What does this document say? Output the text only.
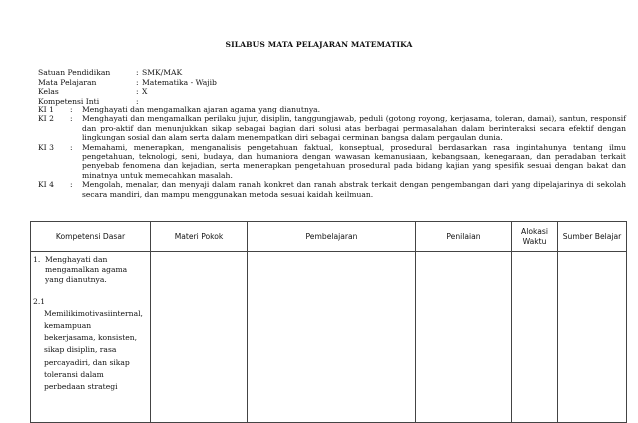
SILABUS MATA PELAJARAN MATEMATIKA
Satuan Pendidikan	: SMK/MAK
Mata Pelajaran	: Matematika - Wajib
Kelas	: X
Kompetensi Inti	:
KI 1	:	Menghayati dan mengamalkan ajaran agama yang dianutnya.
KI 2	:	Menghayati dan mengamalkan perilaku jujur, disiplin, tanggungjawab, peduli (gotong royong, kerjasama, toleran, damai), santun, responsif dan pro-aktif dan menunjukkan sikap sebagai bagian dari solusi atas berbagai permasalahan dalam berinteraksi secara efektif dengan lingkungan sosial dan alam serta dalam menempatkan diri sebagai cerminan bangsa dalam pergaulan dunia.
KI 3	:	Memahami, menerapkan, menganalisis pengetahuan faktual, konseptual, prosedural berdasarkan rasa ingintahunya tentang ilmu pengetahuan, teknologi, seni, budaya, dan humaniora dengan wawasan kemanusiaan, kebangsaan, kenegaraan, dan peradaban terkait penyebab fenomena dan kejadian, serta menerapkan pengetahuan prosedural pada bidang kajian yang spesifik sesuai dengan bakat dan minatnya untuk memecahkan masalah.
KI 4	:	Mengolah, menalar, dan menyaji dalam ranah konkret dan ranah abstrak terkait dengan pengembangan dari yang dipelajarinya di sekolah secara mandiri, dan mampu menggunakan metoda sesuai kaidah keilmuan.
Kompetensi Dasar	Materi Pokok	Pembelajaran	Penilaian	Alokasi Waktu	Sumber Belajar

1. Menghayati dan mengamalkan agama yang dianutnya.
2.1
Memilikimotivasiinternal, kemampuan bekerjasama, konsisten, sikap disiplin, rasa percayadiri, dan sikap toleransi dalam perbedaan strategi					
